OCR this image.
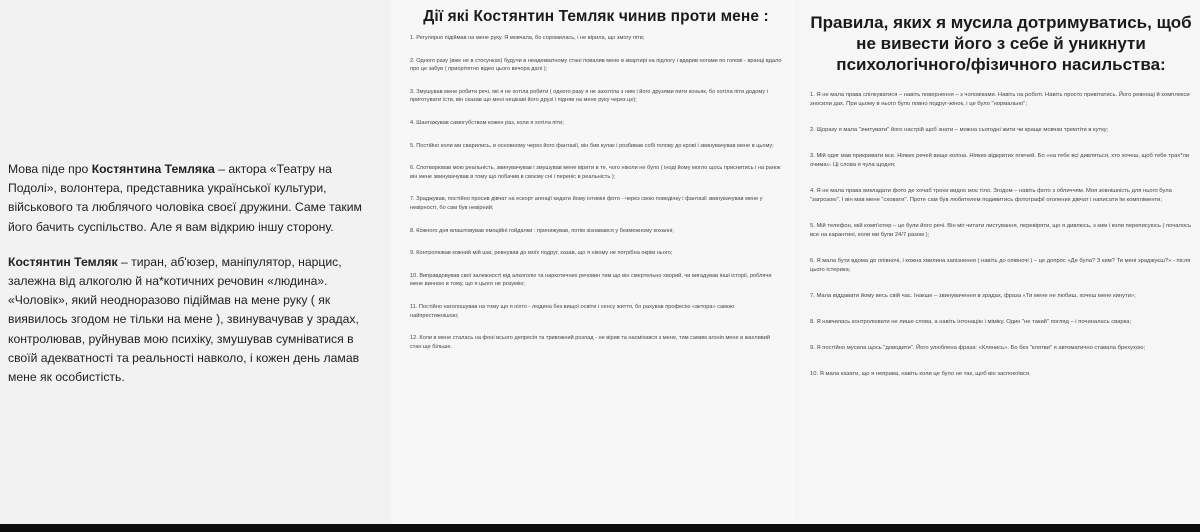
Мова піде про Костянтина Темляка – актора «Театру на Подолі», волонтера, представника української культури, військового та люблячого чоловіка своєї дружини. Саме таким його бачить суспільство. Але я вам відкрию іншу сторону.

Костянтин Темляк – тиран, аб'юзер, маніпулятор, нарцис, залежна від алкоголю й на*котичних речовин «людина». «Чоловік», який неодноразово підіймав на мене руку ( як виявилось згодом не тільки на мене ), звинувачував у зрадах, контролював, руйнував мою психіку, змушував сумніватися в своїй адекватності та реальності навколо, і кожен день ламав мене як особистість.

Дії які Костянтин Темляк чинив проти мене :

1. Регулярно підіймав на мене руку. Я мовчала, бо соромилась, і не вірила, що змогу піти;

2. Одного разу (вже не в стосунках) будучи в неадекватному стані повалив мене в квартирі на підлогу і вдарив ногами по голові - вранці вдало про це забув ( приорітетно відео цього вечора далі );

3. Змушував мене робити речі, які я не хотіла робити ( одного разу я не захотіла з ним і його друзями пити коньяк, бо хотіла піти додому і приготувати їсти, він сказав що мені нецікаві його друзі і підняв на мене руку через це);

4. Шантажував самогубством кожен раз, коли я хотіла піти;

5. Постійно коли ми сварились, в основному через його фантазії, він бив кулак і розбивав собі голову до крові і звинувачував мене в цьому;

6. Спотворював мою реальність, звинувачував і змушував мене вірити в те, чого ніколи не було ( іноді йому могло щось приснитись і на ранок він мене звинувачував в тому що побачив в своєму сні і переніс в реальність );

7. Зраджував, постійно просив дівчат на ескорт агенції кидати йому інтимні фото - через свою поведінку і фантазії звинувачував мене у невірності, бо сам був невірний;

8. Кожного дня влаштовував емоційні гойдалки : принижував, потім зізнавався у безмежному коханні;

9. Контролював кожний мій шаг, ревнував до моїх подруг, казав, що я нікому не потрібна окрім нього;

10. Виправдовував свої залежності від алкоголю та наркотичних речовин тим що він смертельно хворий, чи вигадував інші історії, роблячи мене винною в тому, що я цього не розумію;

11. Постійно наголошував на тому що я ніхто - людина без вищої освіти і сенсу життя, бо рахував професію «актора» самою найпрестижнішою;

12. Коли в мене сталась на фоні всього депресія та тривожний розлад - не вірив та насміхався з мене, тим самим агонія мене в жахливий стан ще більше.

Правила, яких я мусила дотримуватись, щоб не вивести його з себе й уникнути психологічного/фізичного насильства:

1. Я не мала права спілкуватися – навіть повернення – з чоловіками. Навіть на роботі. Навіть просто привітатись. Його ревнощі й комплекси зносили дах. При цьому в нього було повно подруг-жінок, і це було "нормально";

2. Щоразу я мала "зчитувати" його настрій щоб знати – можна сьогодні жити чи краще мовчки тремтіти в кутку;

3. Мій одяг мав прикривати все. Ніяких речей вище коліна. Ніяких відкритих плечей. Бо «на тебе всі дивляться, хто хочеш, щоб тебе трах*ли очима». Ці слова я чула щодня;

4. Я не мала права викладати фото де хочаб трохи видно моє тіло. Згодом – навіть фото з обличчям. Моя зовнішність для нього була "загрозою". І він мав мене "сховати". Проте сам був любителем подивитись фотографії оголених дівчат і написати їм компліменти;

5. Мій телефон, мій комп'ютер – це були його речі. Він міг читати листування, перевіряти, що я дивлюсь, з ким і коли переписуюсь ( почалось все на карантині, коли ми були 24/7 разом );

6. Я мала бути вдома до опівночі, і кожна хвилина запізнення ( навіть до опівночі ) – це допрос «Де була? З ким? Ти мені зраджуєш?» - після цього істерика;

7. Мала віддавати йому весь свій час. Інакше – звинувачення в зрадах, фраза «Ти мене не любиш, хочеш мене кинути»;

8. Я навчилась контролювати не лише слова, а навіть інтонацію і міміку. Один "не такий" погляд – і починалась сварка;

9. Я постійно мусила щось "доводити". Його улюблена фраза: «Клянись». Бо без "клятви" я автоматично ставала брехухою;

10. Я мала казати, що я неправа, навіть коли це було не так, щоб він заспокоївся.
